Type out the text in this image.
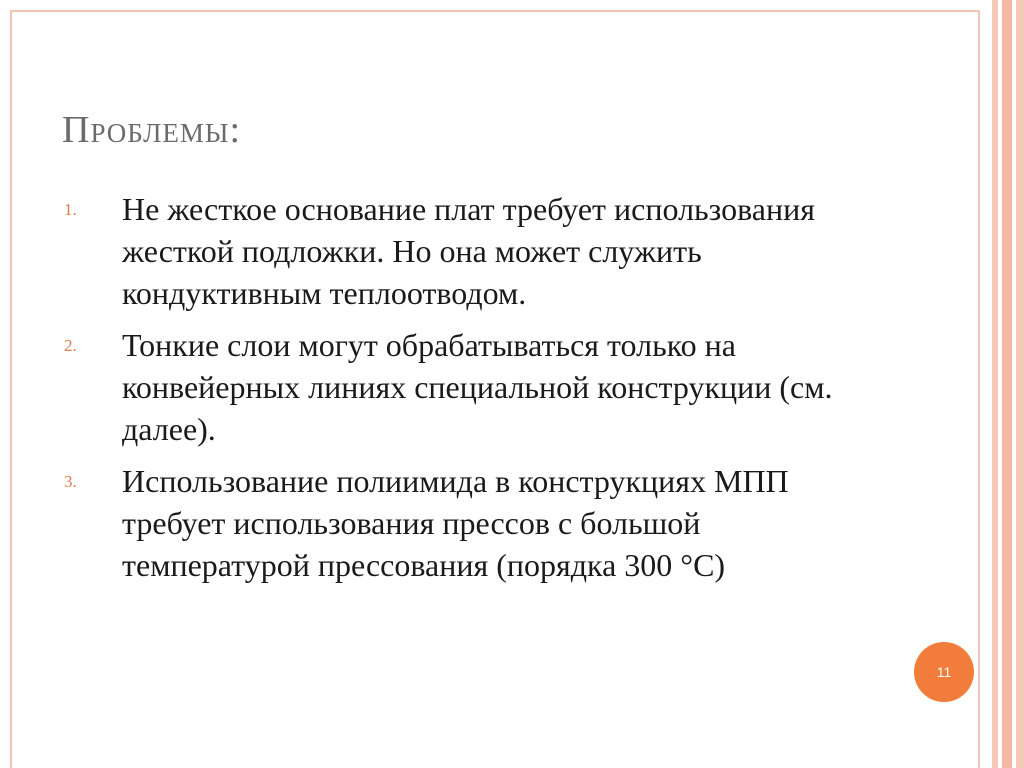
Проблемы:
1.	Не жесткое основание плат требует использования жесткой подложки. Но она может служить кондуктивным теплоотводом.
2.	Тонкие слои могут обрабатываться только на конвейерных линиях специальной конструкции (см. далее).
3.	Использование полиимида в конструкциях МПП требует использования прессов с большой температурой прессования (порядка 300 °С)
11
